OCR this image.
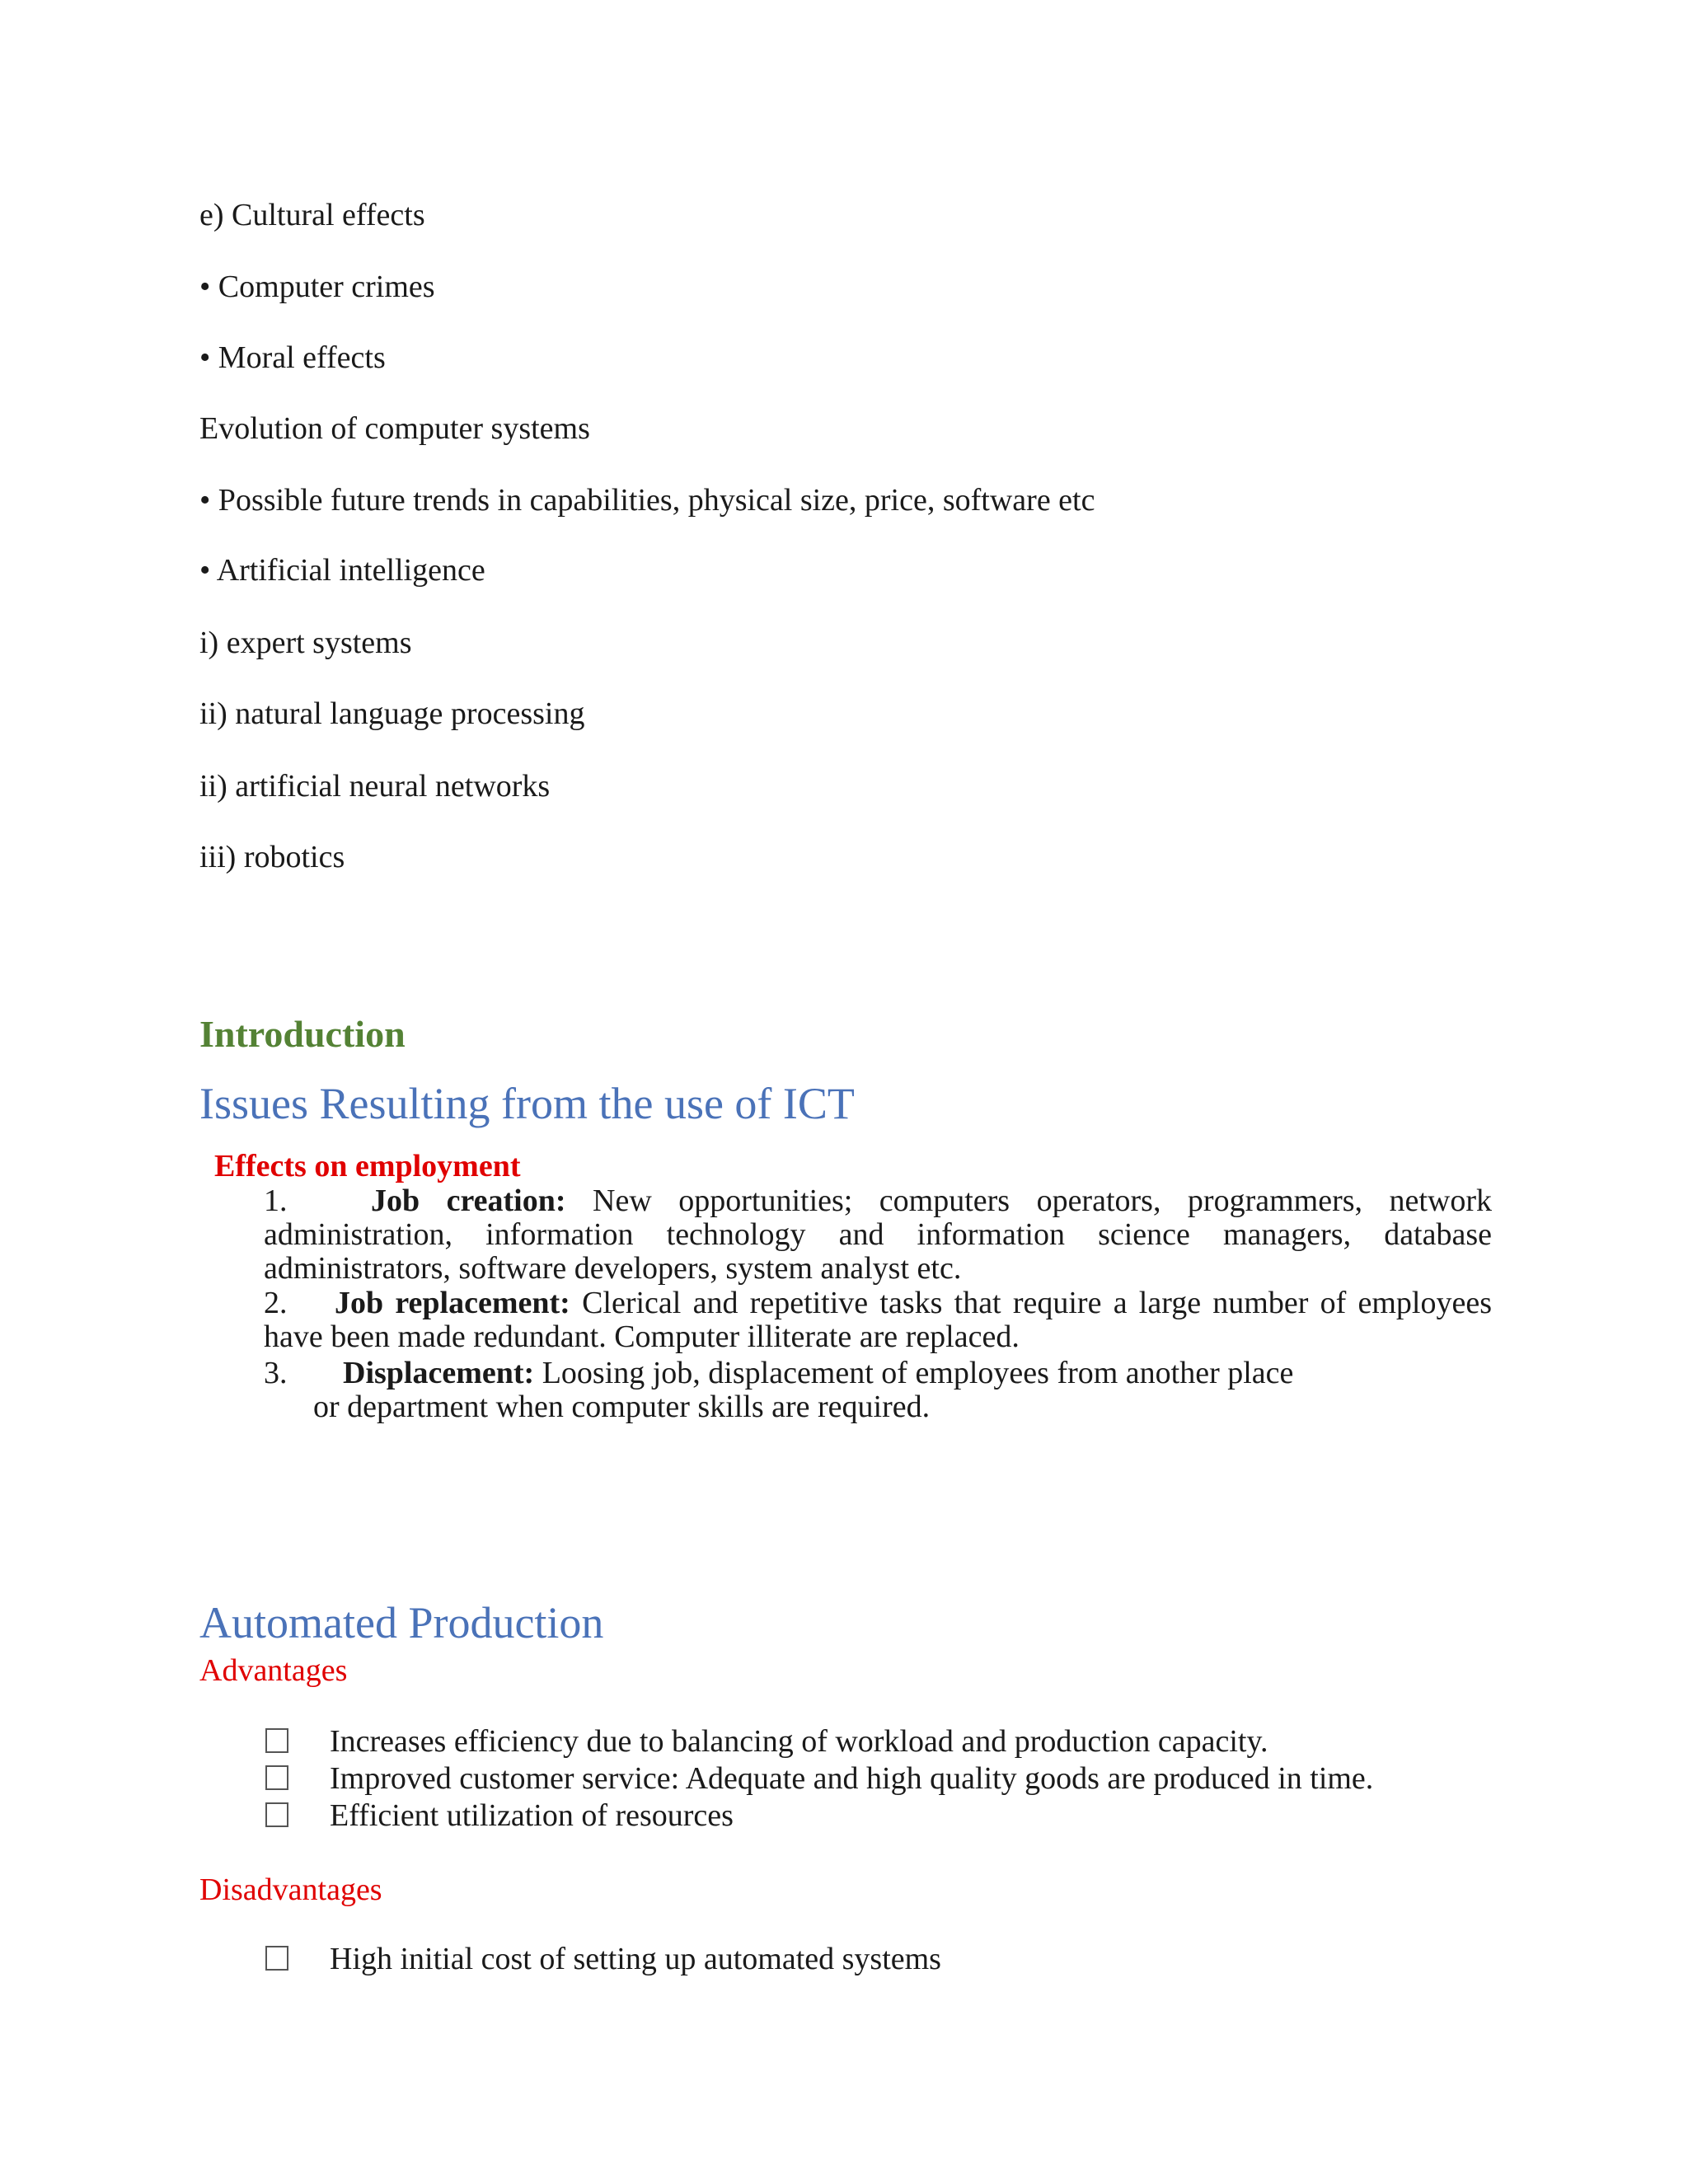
e) Cultural effects
• Computer crimes
• Moral effects
Evolution of computer systems
• Possible future trends in capabilities, physical size, price, software etc
• Artificial intelligence
i) expert systems
ii) natural language processing
ii) artificial neural networks
iii) robotics
Introduction
Issues Resulting from the use of ICT
Effects on employment
1.	Job creation: New opportunities; computers operators, programmers, network administration, information technology and information science managers, database administrators, software developers, system analyst etc.
2. Job replacement: Clerical and repetitive tasks that require a large number of employees have been made redundant. Computer illiterate are replaced.
3. Displacement: Loosing job, displacement of employees from another place
or department when computer skills are required.
Automated Production
Advantages
Increases efficiency due to balancing of workload and production capacity.
Improved customer service: Adequate and high quality goods are produced in time.
Efficient utilization of resources
Disadvantages
High initial cost of setting up automated systems
